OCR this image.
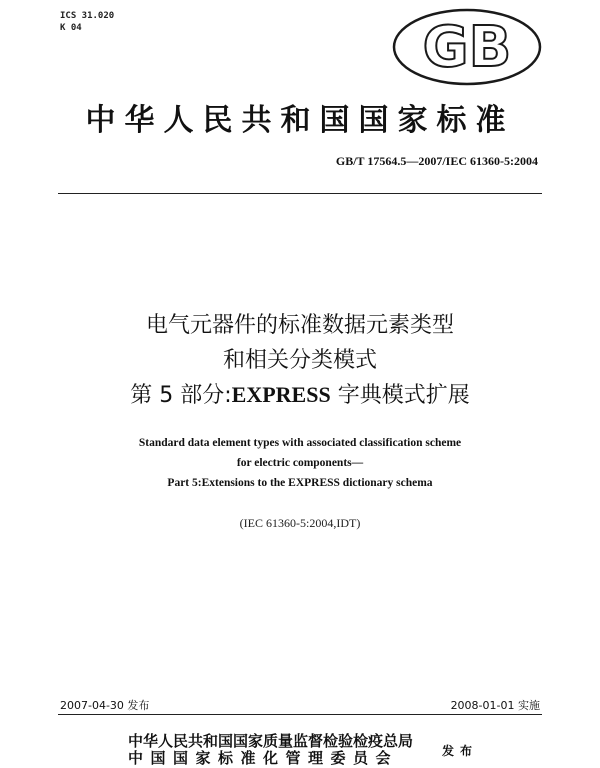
ICS 31.020
K 04	GB
中华人民共和国国家标准
GB/T 17564.5—2007/IEC 61360-5:2004
电气元器件的标准数据元素类型
和相关分类模式
第 5 部分:EXPRESS 字典模式扩展
Standard data element types with associated classification scheme
for electric components—
Part 5:Extensions to the EXPRESS dictionary schema
(IEC 61360-5:2004,IDT)
2007-04-30 发布	2008-01-01 实施
中华人民共和国国家质量监督检验检疫总局
中国国家标准化管理委员会	发布
